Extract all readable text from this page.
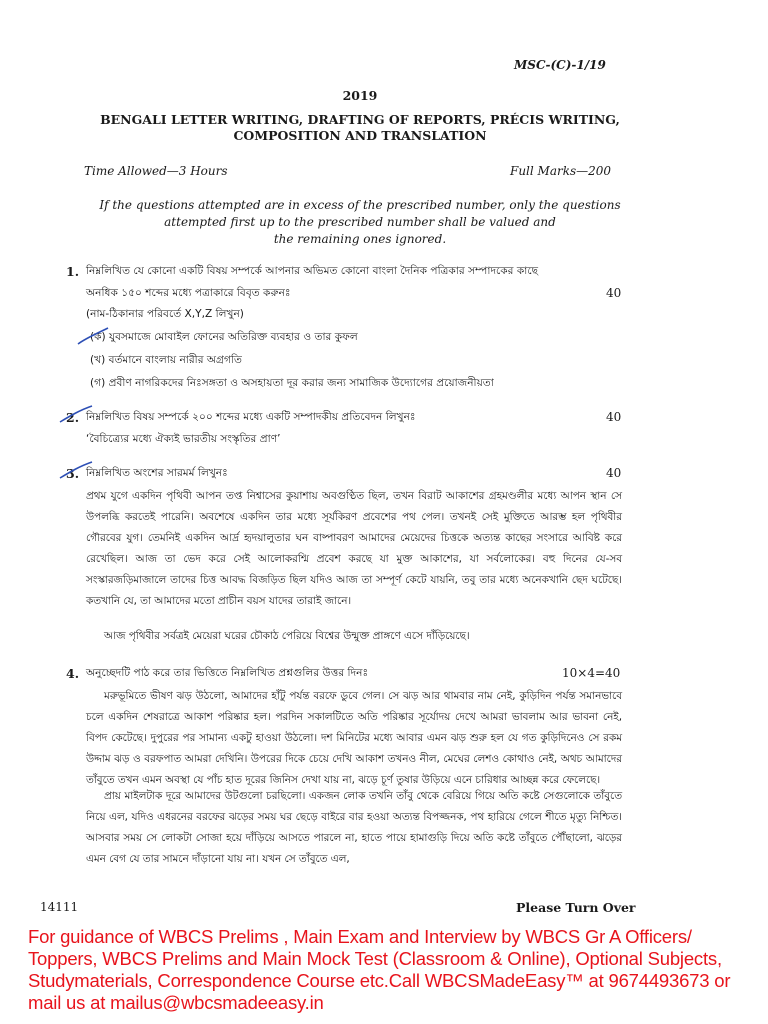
MSC-(C)-1/19
2019
BENGALI LETTER WRITING, DRAFTING OF REPORTS, PRÉCIS WRITING,
COMPOSITION AND TRANSLATION
Time Allowed—3 Hours	Full Marks—200
If the questions attempted are in excess of the prescribed number, only the questions
attempted first up to the prescribed number shall be valued and
the remaining ones ignored.
1. নিম্নলিখিত যে কোনো একটি বিষয় সম্পর্কে আপনার অভিমত কোনো বাংলা দৈনিক পত্রিকার সম্পাদকের কাছে
অনধিক ১৫০ শব্দের মধ্যে পত্রাকারে বিবৃত করুনঃ	40
(নাম-ঠিকানার পরিবর্তে X,Y,Z লিখুন)
(ক) যুবসমাজে মোবাইল ফোনের অতিরিক্ত ব্যবহার ও তার কুফল
(খ) বর্তমানে বাংলায় নারীর অগ্রগতি
(গ) প্রবীণ নাগরিকদের নিঃসঙ্গতা ও অসহায়তা দূর করার জন্য সামাজিক উদ্যোগের প্রয়োজনীয়তা
2. নিম্নলিখিত বিষয় সম্পর্কে ২০০ শব্দের মধ্যে একটি সম্পাদকীয় প্রতিবেদন লিখুনঃ	40
‘বৈচিত্র্যের মধ্যে ঐক্যই ভারতীয় সংস্কৃতির প্রাণ’
3. নিম্নলিখিত অংশের সারমর্ম লিখুনঃ	40
প্রথম যুগে একদিন পৃথিবী আপন তপ্ত নিশ্বাসের কুয়াশায় অবগুণ্ঠিত ছিল, তখন বিরাট আকাশের গ্রহমণ্ডলীর মধ্যে আপন স্থান সে উপলব্ধি করতেই পারেনি। অবশেষে একদিন তার মধ্যে সূর্যকিরণ প্রবেশের পথ পেল। তখনই সেই মুক্তিতে আরম্ভ হল পৃথিবীর গৌরবের যুগ। তেমনিই একদিন আর্দ্র হৃদয়ালুতার ঘন বাষ্পাবরণ আমাদের মেয়েদের চিত্তকে অত্যন্ত কাছের সংসারে আবিষ্ট করে রেখেছিল। আজ তা ভেদ করে সেই আলোকরশ্মি প্রবেশ করছে যা মুক্ত আকাশের, যা সর্বলোকের। বহু দিনের যে-সব সংস্কারজড়িমাজালে তাদের চিত্ত আবদ্ধ বিজড়িত ছিল যদিও আজ তা সম্পূর্ণ কেটে যায়নি, তবু তার মধ্যে অনেকখানি ছেদ ঘটেছে। কতখানি যে, তা আমাদের মতো প্রাচীন বয়স যাদের তারাই জানে।
আজ পৃথিবীর সর্বত্রই মেয়েরা ঘরের চৌকাঠ পেরিয়ে বিশ্বের উন্মুক্ত প্রাঙ্গণে এসে দাঁড়িয়েছে।
4. অনুচ্ছেদটি পাঠ করে তার ভিত্তিতে নিম্নলিখিত প্রশ্নগুলির উত্তর দিনঃ	10×4=40
মরুভূমিতে ভীষণ ঝড় উঠলো, আমাদের হাঁটু পর্যন্ত বরফে ডুবে গেল। সে ঝড় আর থামবার নাম নেই, কুড়িদিন পর্যন্ত সমানভাবে চলে একদিন শেষরাত্রে আকাশ পরিষ্কার হল। পরদিন সকালটিতে অতি পরিষ্কার সূর্যোদয় দেখে আমরা ভাবলাম আর ভাবনা নেই, বিপদ কেটেছে। দুপুরের পর সামান্য একটু হাওয়া উঠলো। দশ মিনিটের মধ্যে আবার এমন ঝড় শুরু হল যে গত কুড়িদিনেও সে রকম উদ্দাম ঝড় ও বরফপাত আমরা দেখিনি। উপরের দিকে চেয়ে দেখি আকাশ তখনও নীল, মেঘের লেশও কোথাও নেই, অথচ আমাদের তাঁবুতে তখন এমন অবস্থা যে পাঁচ হাত দূরের জিনিস দেখা যায় না, ঝড়ে চূর্ণ তুষার উড়িয়ে এনে চারিধার আচ্ছন্ন করে ফেলেছে।
প্রায় মাইলটাক দূরে আমাদের উটগুলো চরছিলো। একজন লোক তখনি তাঁবু থেকে বেরিয়ে গিয়ে অতি কষ্টে সেগুলোকে তাঁবুতে নিয়ে এল, যদিও এধরনের বরফের ঝড়ের সময় ঘর ছেড়ে বাইরে বার হওয়া অত্যন্ত বিপজ্জনক, পথ হারিয়ে গেলে শীতে মৃত্যু নিশ্চিত। আসবার সময় সে লোকটা সোজা হয়ে দাঁড়িয়ে আসতে পারলে না, হাতে পায়ে হামাগুড়ি দিয়ে অতি কষ্টে তাঁবুতে পৌঁছালো, ঝড়ের এমন বেগ যে তার সামনে দাঁড়ানো যায় না। যখন সে তাঁবুতে এল,
14111	Please Turn Over
For guidance of WBCS Prelims , Main Exam and Interview by WBCS Gr A Officers/ Toppers, WBCS Prelims and Main Mock Test (Classroom & Online), Optional Subjects, Studymaterials, Correspondence Course etc.Call WBCSMadeEasy™ at 9674493673 or mail us at mailus@wbcsmadeeasy.in
